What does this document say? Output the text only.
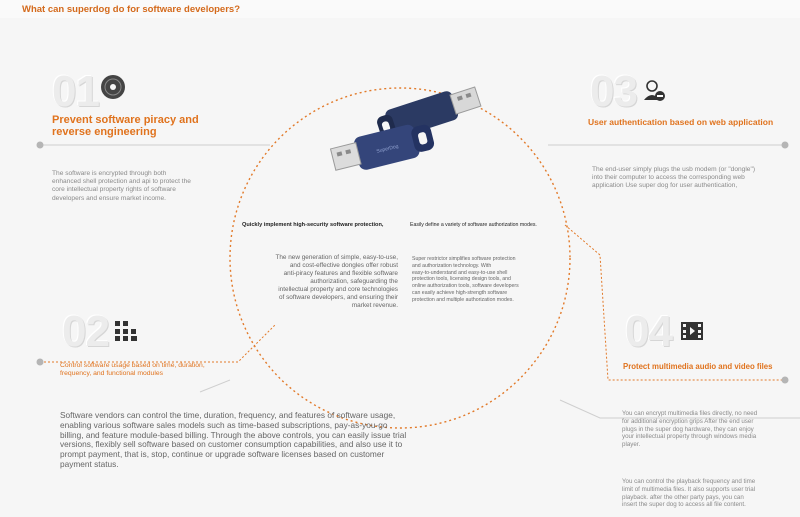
What can superdog do for software developers?
SuperDog
01
Prevent software piracy and
reverse engineering
The software is encrypted through both
enhanced shell protection and api to protect the
core intellectual property rights of software
developers and ensure market income.
03
User authentication based on web application
The end-user simply plugs the usb modem (or "dongle")
into their computer to access the corresponding web
application Use super dog for user authentication,
Quickly implement high-security software protection,	Easily define a variety of software authorization modes.
The new generation of simple, easy-to-use,
and cost-effective dongles offer robust
anti-piracy features and flexible software
authorization, safeguarding the
intellectual property and core technologies
of software developers, and ensuring their
market revenue.
Super restrictor simplifies software protection
and authorization technology. With
easy-to-understand and easy-to-use shell
protection tools, licensing design tools, and
online authorization tools, software developers
can easily achieve high-strength software
protection and multiple authorization modes.
02
Control software usage based on time, duration,
frequency, and functional modules
Software vendors can control the time, duration, frequency, and features of software usage,
enabling various software sales models such as time-based subscriptions, pay-as-you-go
billing, and feature module-based billing. Through the above controls, you can easily issue trial
versions, flexibly sell software based on customer consumption capabilities, and also use it to
prompt payment, that is, stop, continue or upgrade software licenses based on customer
payment status.
04
Protect multimedia audio and video files
You can encrypt multimedia files directly, no need
for additional encryption grips After the end user
plugs in the super dog hardware, they can enjoy
your intellectual property through windows media
player.
You can control the playback frequency and time
limit of multimedia files. It also supports user trial
playback. after the other party pays, you can
insert the super dog to access all file content.
